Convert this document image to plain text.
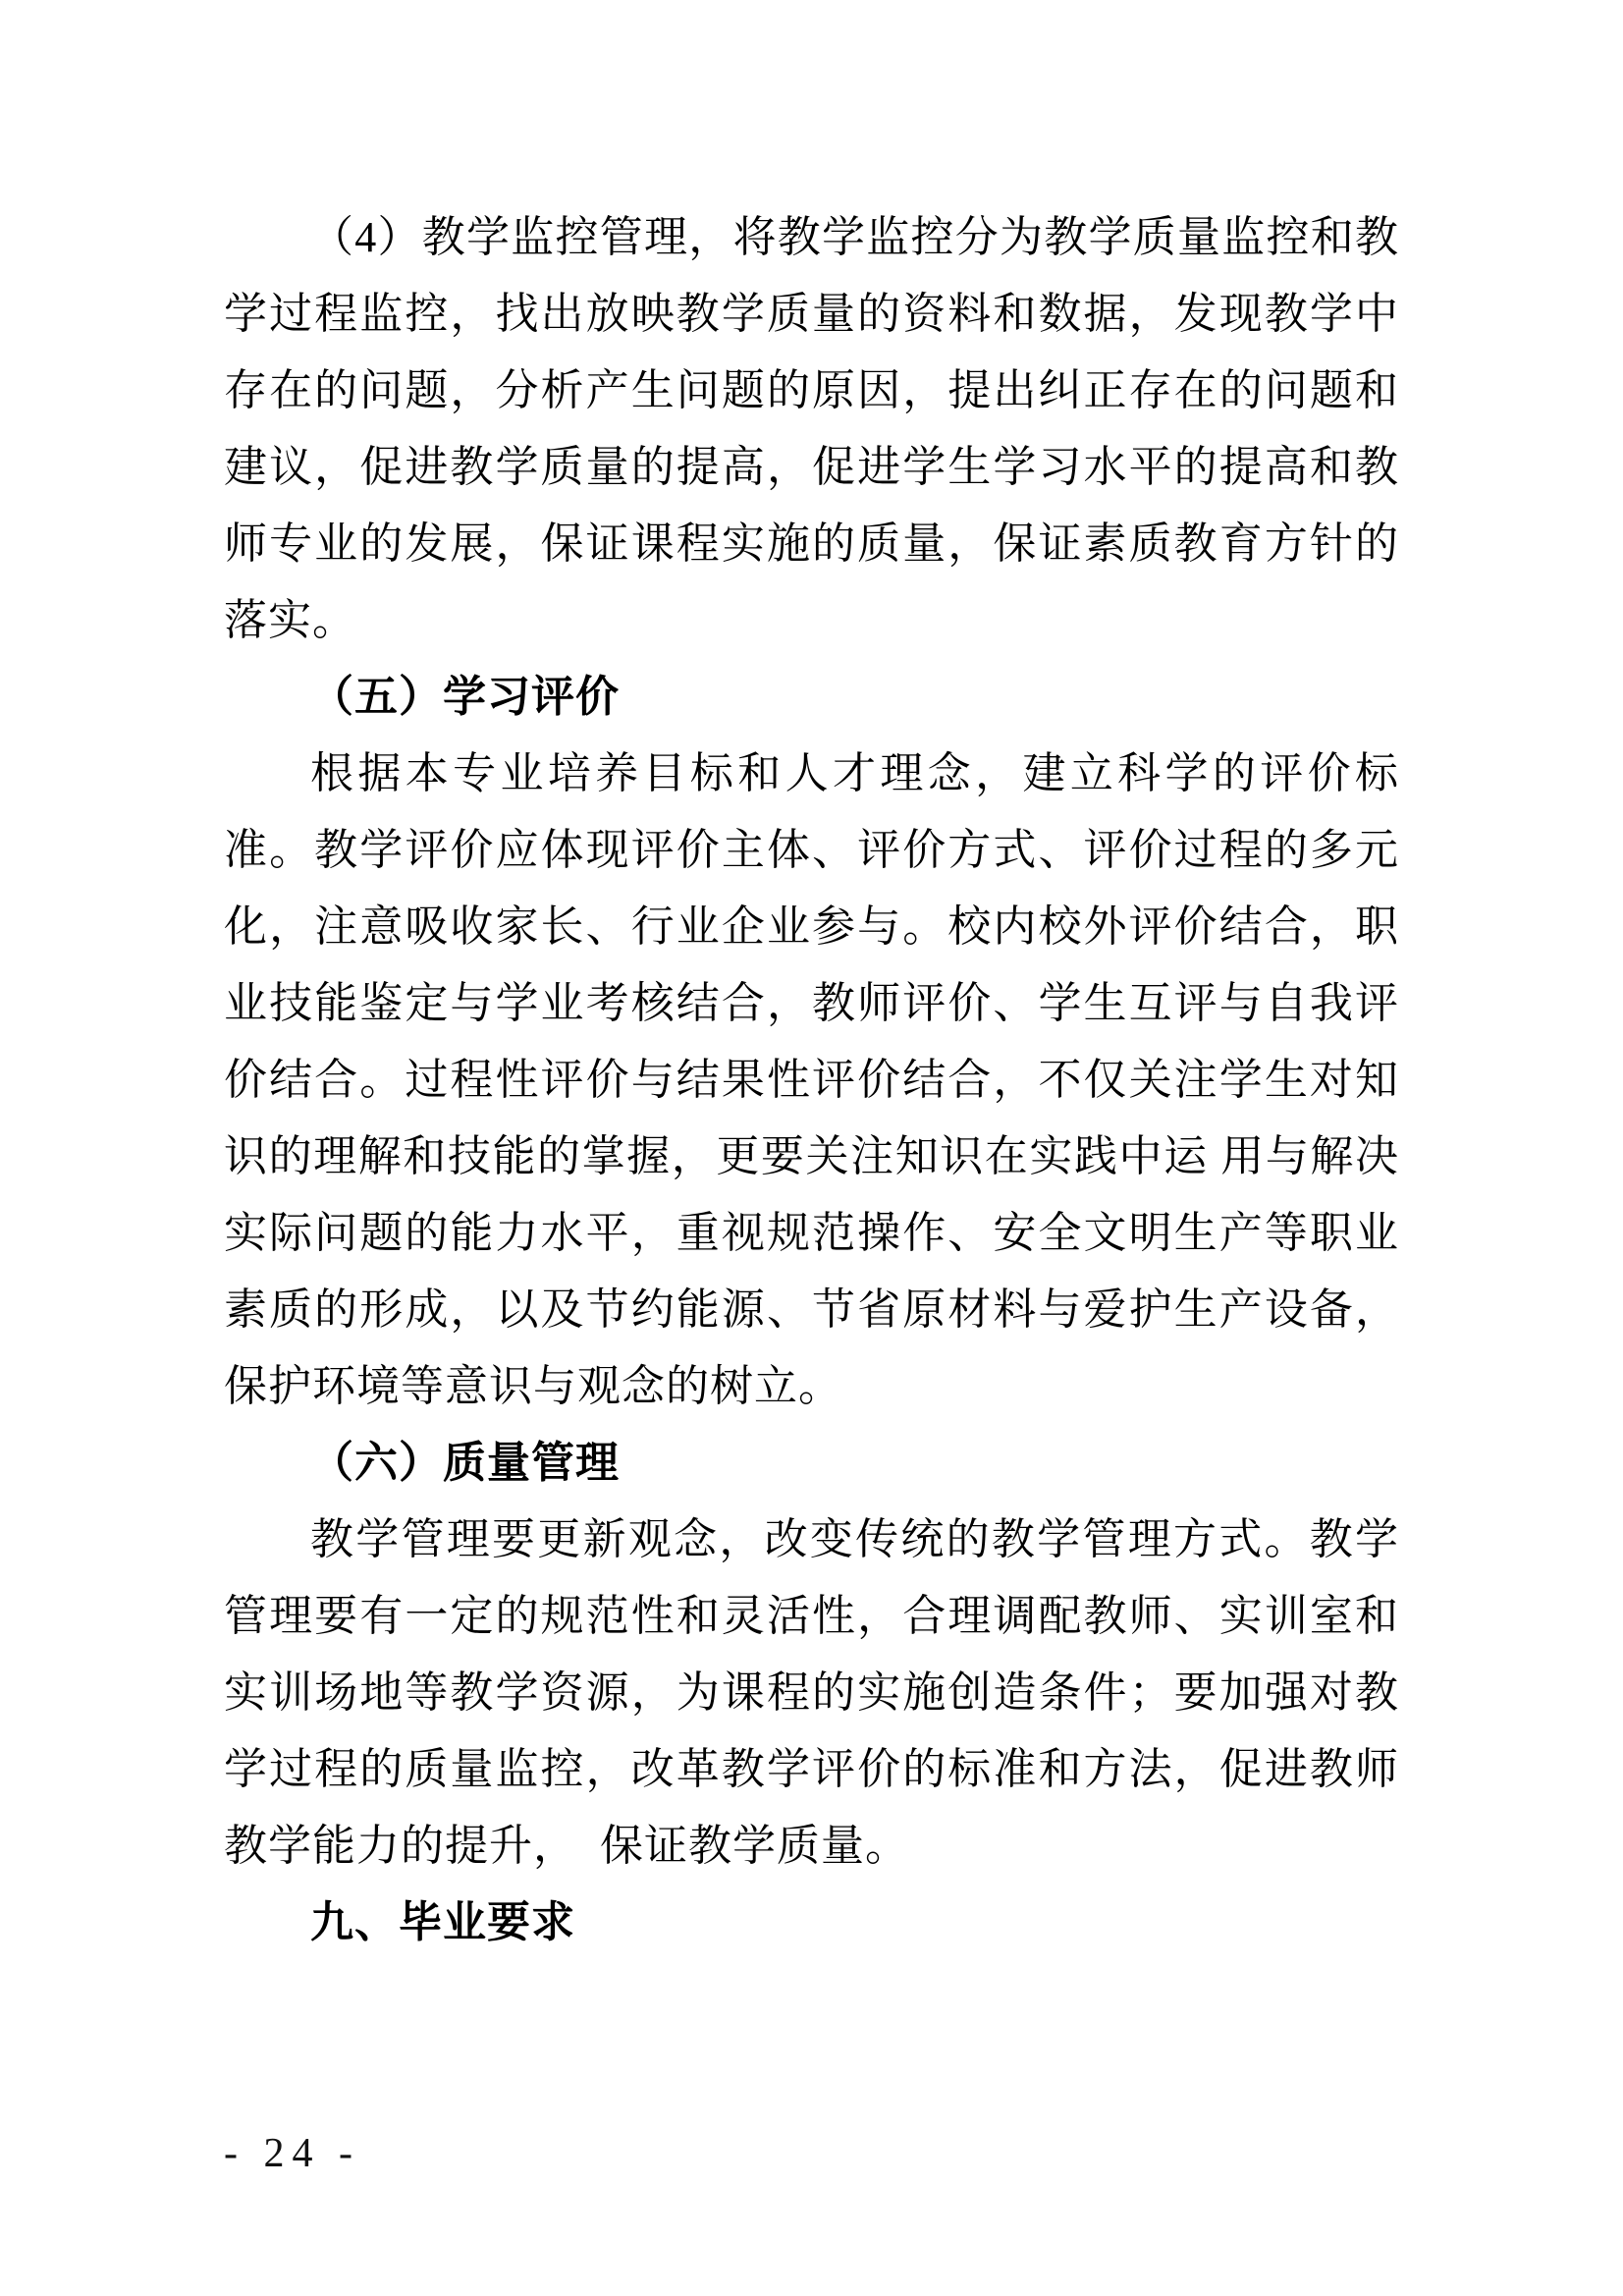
（4）教学监控管理，将教学监控分为教学质量监控和教学过程监控，找出放映教学质量的资料和数据，发现教学中存在的问题，分析产生问题的原因，提出纠正存在的问题和建议，促进教学质量的提高，促进学生学习水平的提高和教师专业的发展，保证课程实施的质量，保证素质教育方针的落实。

（五）学习评价

根据本专业培养目标和人才理念，建立科学的评价标准。教学评价应体现评价主体、评价方式、评价过程的多元化，注意吸收家长、行业企业参与。校内校外评价结合，职业技能鉴定与学业考核结合，教师评价、学生互评与自我评价结合。过程性评价与结果性评价结合，不仅关注学生对知识的理解和技能的掌握，更要关注知识在实践中运 用与解决实际问题的能力水平，重视规范操作、安全文明生产等职业 素质的形成，以及节约能源、节省原材料与爱护生产设备，保护环境等意识与观念的树立。

（六）质量管理

教学管理要更新观念，改变传统的教学管理方式。教学管理要有一定的规范性和灵活性，合理调配教师、实训室和实训场地等教学资源，为课程的实施创造条件；要加强对教学过程的质量监控，改革教学评价的标准和方法，促进教师教学能力的提升，　保证教学质量。

九、毕业要求
- 24 -
